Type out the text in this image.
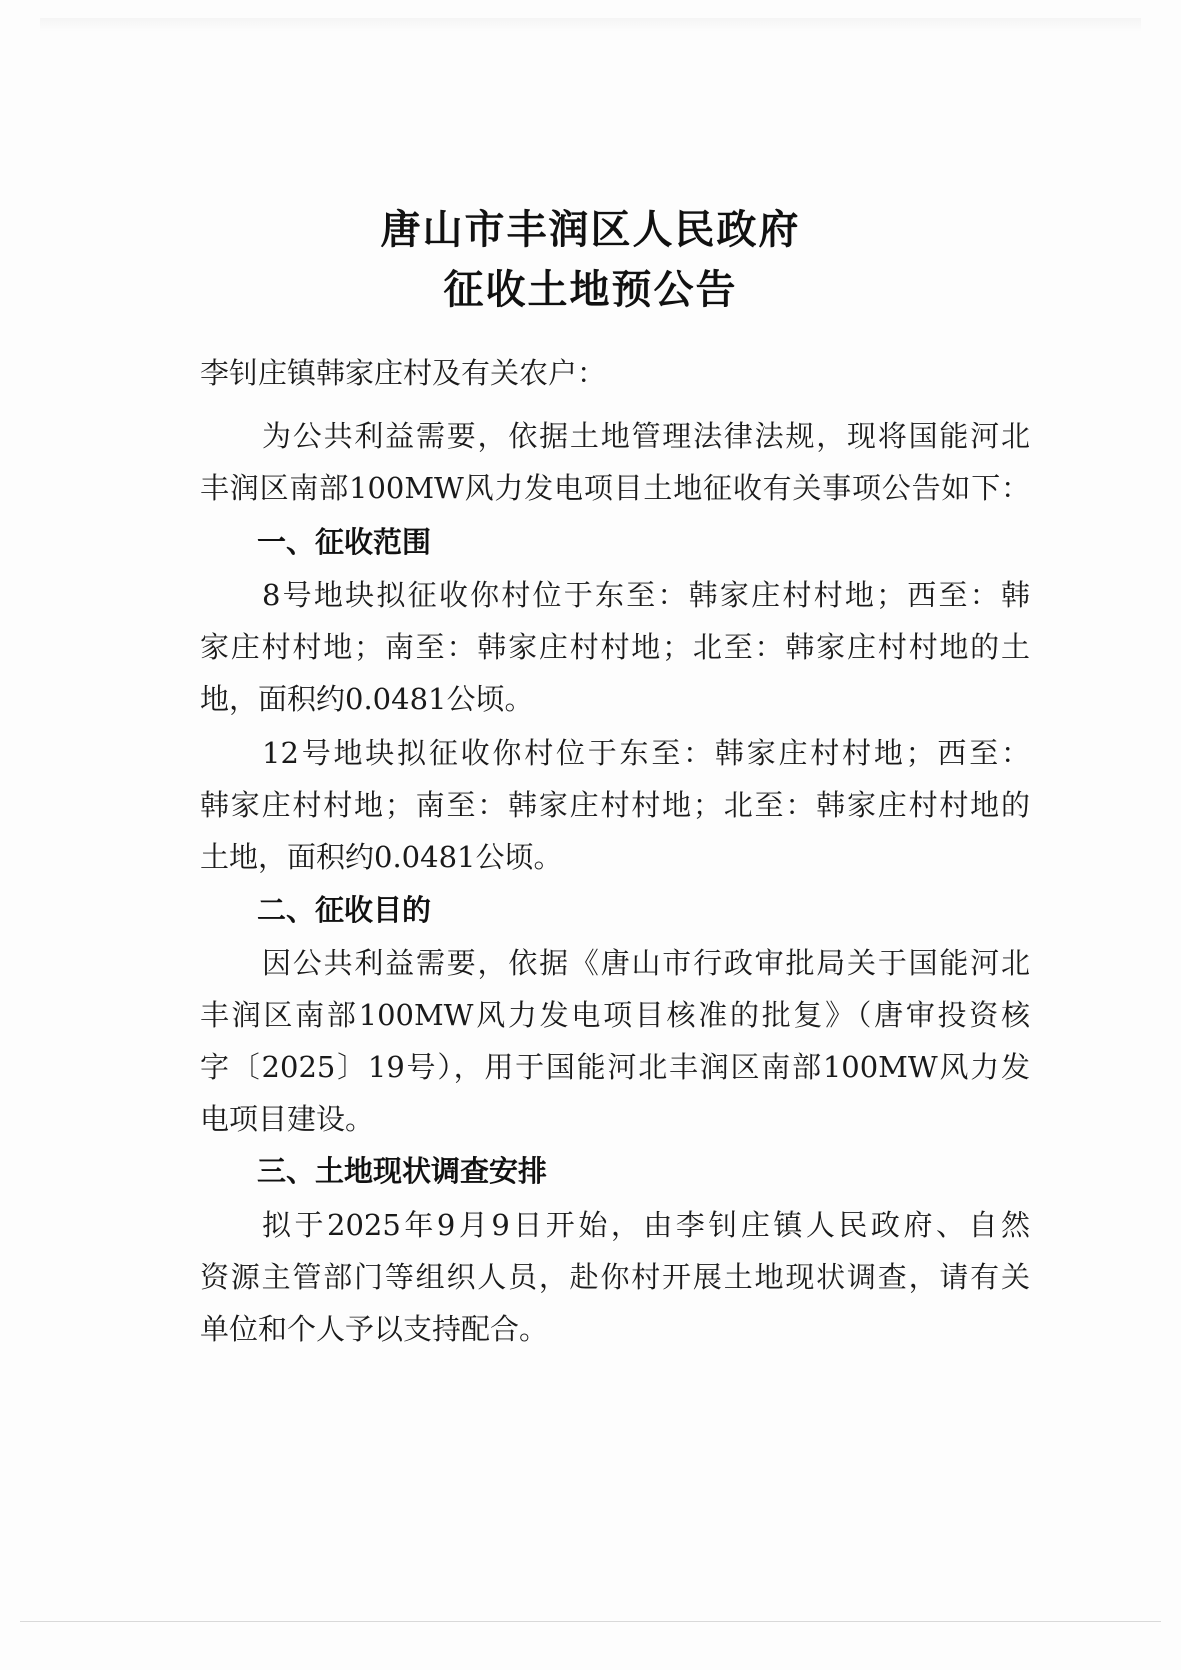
唐山市丰润区人民政府
征收土地预公告
李钊庄镇韩家庄村及有关农户：
为公共利益需要，依据土地管理法律法规，现将国能河北
丰润区南部100MW风力发电项目土地征收有关事项公告如下：
一、征收范围
8号地块拟征收你村位于东至：韩家庄村村地；西至：韩
家庄村村地；南至：韩家庄村村地；北至：韩家庄村村地的土
地，面积约0.0481公顷。
12号地块拟征收你村位于东至：韩家庄村村地；西至：
韩家庄村村地；南至：韩家庄村村地；北至：韩家庄村村地的
土地，面积约0.0481公顷。
二、征收目的
因公共利益需要，依据《唐山市行政审批局关于国能河北
丰润区南部100MW风力发电项目核准的批复》（唐审投资核
字〔2025〕19号），用于国能河北丰润区南部100MW风力发
电项目建设。
三、土地现状调查安排
拟于2025年9月9日开始，由李钊庄镇人民政府、自然
资源主管部门等组织人员，赴你村开展土地现状调查，请有关
单位和个人予以支持配合。
